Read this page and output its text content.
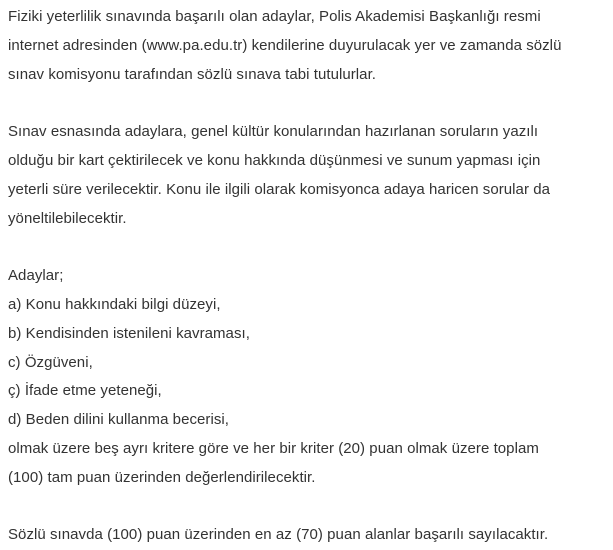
Fiziki yeterlilik sınavında başarılı olan adaylar, Polis Akademisi Başkanlığı resmi
internet adresinden (www.pa.edu.tr) kendilerine duyurulacak yer ve zamanda sözlü
sınav komisyonu tarafından sözlü sınava tabi tutulurlar.
Sınav esnasında adaylara, genel kültür konularından hazırlanan soruların yazılı
olduğu bir kart çektirilecek ve konu hakkında düşünmesi ve sunum yapması için
yeterli süre verilecektir. Konu ile ilgili olarak komisyonca adaya haricen sorular da
yöneltilebilecektir.
Adaylar;
a) Konu hakkındaki bilgi düzeyi,
b) Kendisinden istenileni kavraması,
c) Özgüveni,
ç) İfade etme yeteneği,
d) Beden dilini kullanma becerisi,
olmak üzere beş ayrı kritere göre ve her bir kriter (20) puan olmak üzere toplam
(100) tam puan üzerinden değerlendirilecektir.
Sözlü sınavda (100) puan üzerinden en az (70) puan alanlar başarılı sayılacaktır.
